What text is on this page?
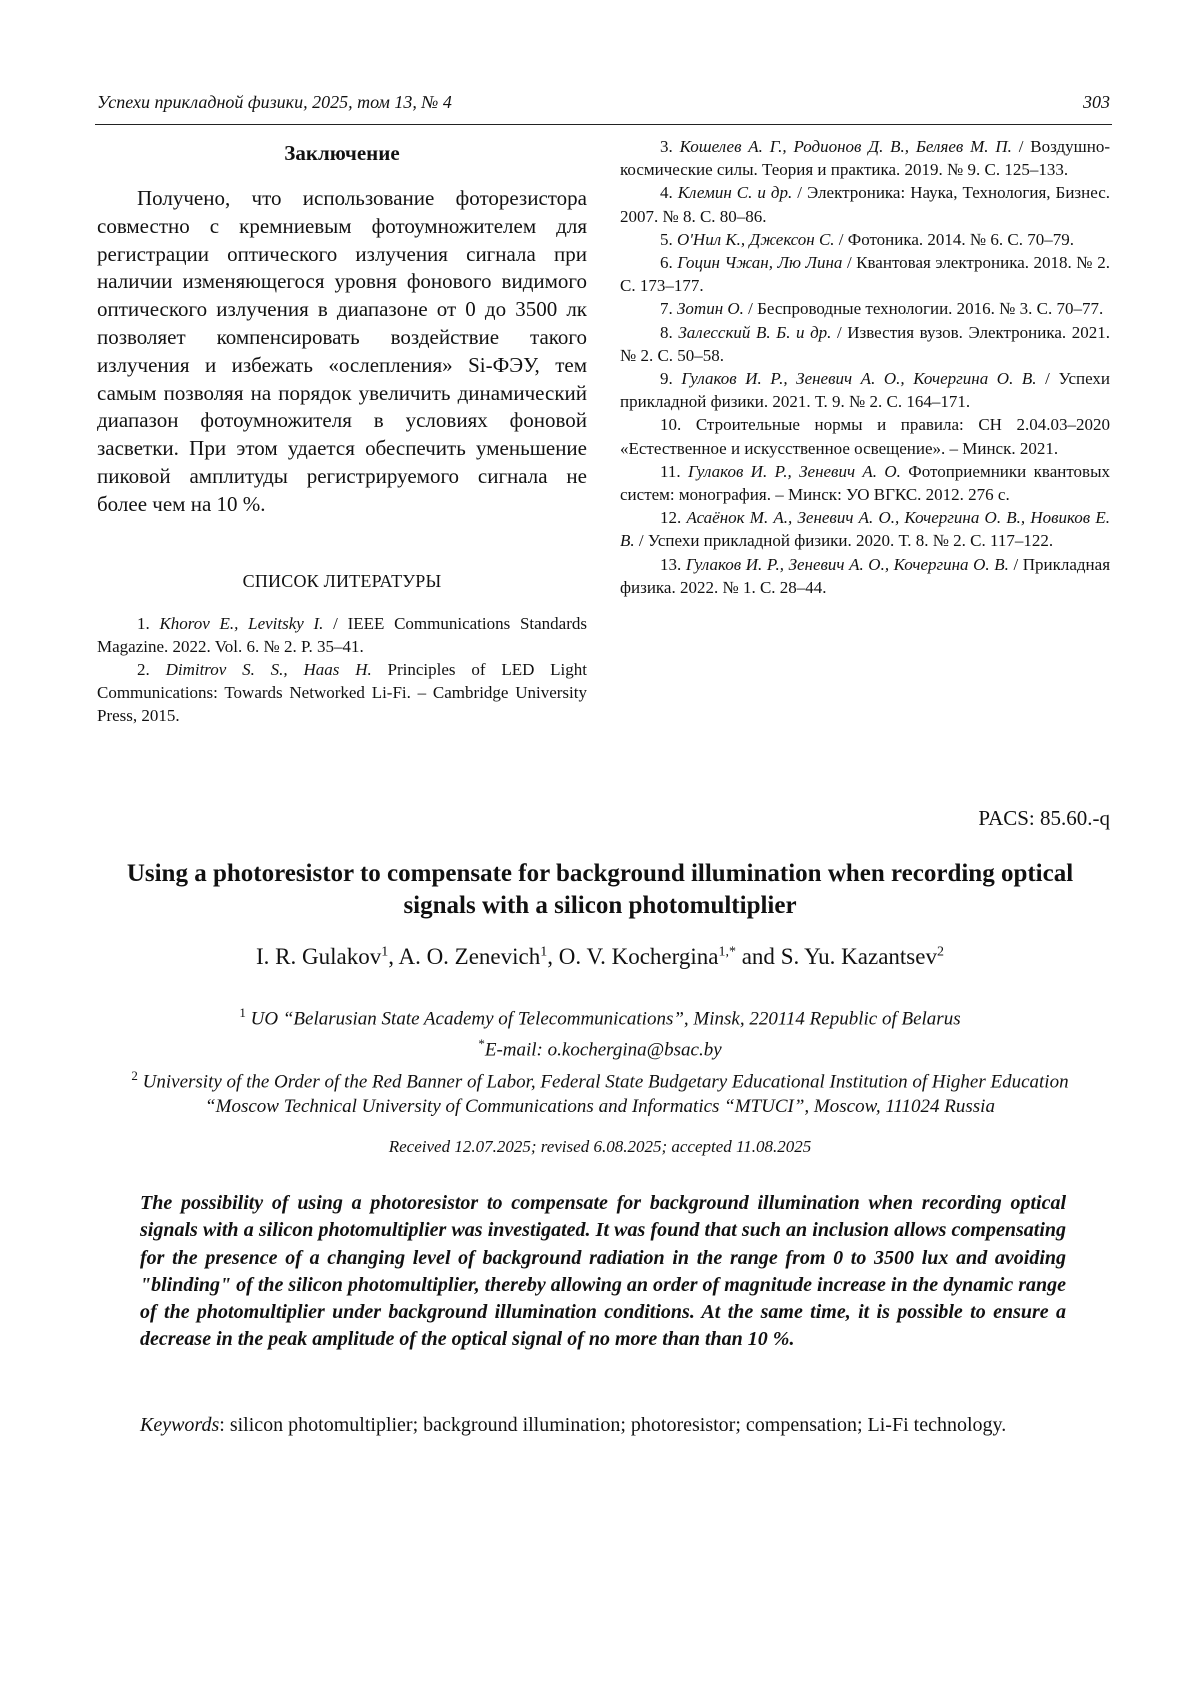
Успехи прикладной физики, 2025, том 13, № 4	303
Заключение

Получено, что использование фоторезистора совместно с кремниевым фотоумножителем для регистрации оптического излучения сигнала при наличии изменяющегося уровня фонового видимого оптического излучения в диапазоне от 0 до 3500 лк позволяет компенсировать воздействие такого излучения и избежать «ослепления» Si-ФЭУ, тем самым позволяя на порядок увеличить динамический диапазон фотоумножителя в условиях фоновой засветки. При этом удается обеспечить уменьшение пиковой амплитуды регистрируемого сигнала не более чем на 10 %.

СПИСОК ЛИТЕРАТУРЫ

1. Khorov E., Levitsky I. / IEEE Communications Standards Magazine. 2022. Vol. 6. № 2. P. 35–41.

2. Dimitrov S. S., Haas H. Principles of LED Light Communications: Towards Networked Li-Fi. – Cambridge University Press, 2015.

3. Кошелев А. Г., Родионов Д. В., Беляев М. П. / Воздушно-космические силы. Теория и практика. 2019. № 9. С. 125–133.

4. Клемин С. и др. / Электроника: Наука, Технология, Бизнес. 2007. № 8. С. 80–86.

5. О'Нил К., Джексон С. / Фотоника. 2014. № 6. С. 70–79.

6. Гоцин Чжан, Лю Лина / Квантовая электроника. 2018. № 2. С. 173–177.

7. Зотин О. / Беспроводные технологии. 2016. № 3. С. 70–77.

8. Залесский В. Б. и др. / Известия вузов. Электроника. 2021. № 2. С. 50–58.

9. Гулаков И. Р., Зеневич А. О., Кочергина О. В. / Успехи прикладной физики. 2021. Т. 9. № 2. С. 164–171.

10. Строительные нормы и правила: СН 2.04.03–2020 «Естественное и искусственное освещение». – Минск. 2021.

11. Гулаков И. Р., Зеневич А. О. Фотоприемники квантовых систем: монография. – Минск: УО ВГКС. 2012. 276 с.

12. Асаёнок М. А., Зеневич А. О., Кочергина О. В., Новиков Е. В. / Успехи прикладной физики. 2020. Т. 8. № 2. С. 117–122.

13. Гулаков И. Р., Зеневич А. О., Кочергина О. В. / Прикладная физика. 2022. № 1. С. 28–44.

PACS: 85.60.-q
Using a photoresistor to compensate for background illumination when recording optical signals with a silicon photomultiplier
I. R. Gulakov$^1$, A. O. Zenevich$^1$, O. V. Kochergina$^{1,*}$ and S. Yu. Kazantsev$^2$
$^1$ UO “Belarusian State Academy of Telecommunications”, Minsk, 220114 Republic of Belarus
*E-mail: o.kochergina@bsac.by
$^2$ University of the Order of the Red Banner of Labor, Federal State Budgetary Educational Institution of Higher Education “Moscow Technical University of Communications and Informatics “MTUCI”, Moscow, 111024 Russia
Received 12.07.2025; revised 6.08.2025; accepted 11.08.2025

The possibility of using a photoresistor to compensate for background illumination when recording optical signals with a silicon photomultiplier was investigated. It was found that such an inclusion allows compensating for the presence of a changing level of background radiation in the range from 0 to 3500 lux and avoiding "blinding" of the silicon photomultiplier, thereby allowing an order of magnitude increase in the dynamic range of the photomultiplier under background illumination conditions. At the same time, it is possible to ensure a decrease in the peak amplitude of the optical signal of no more than than 10 %.

Keywords: silicon photomultiplier; background illumination; photoresistor; compensation; Li-Fi technology.
